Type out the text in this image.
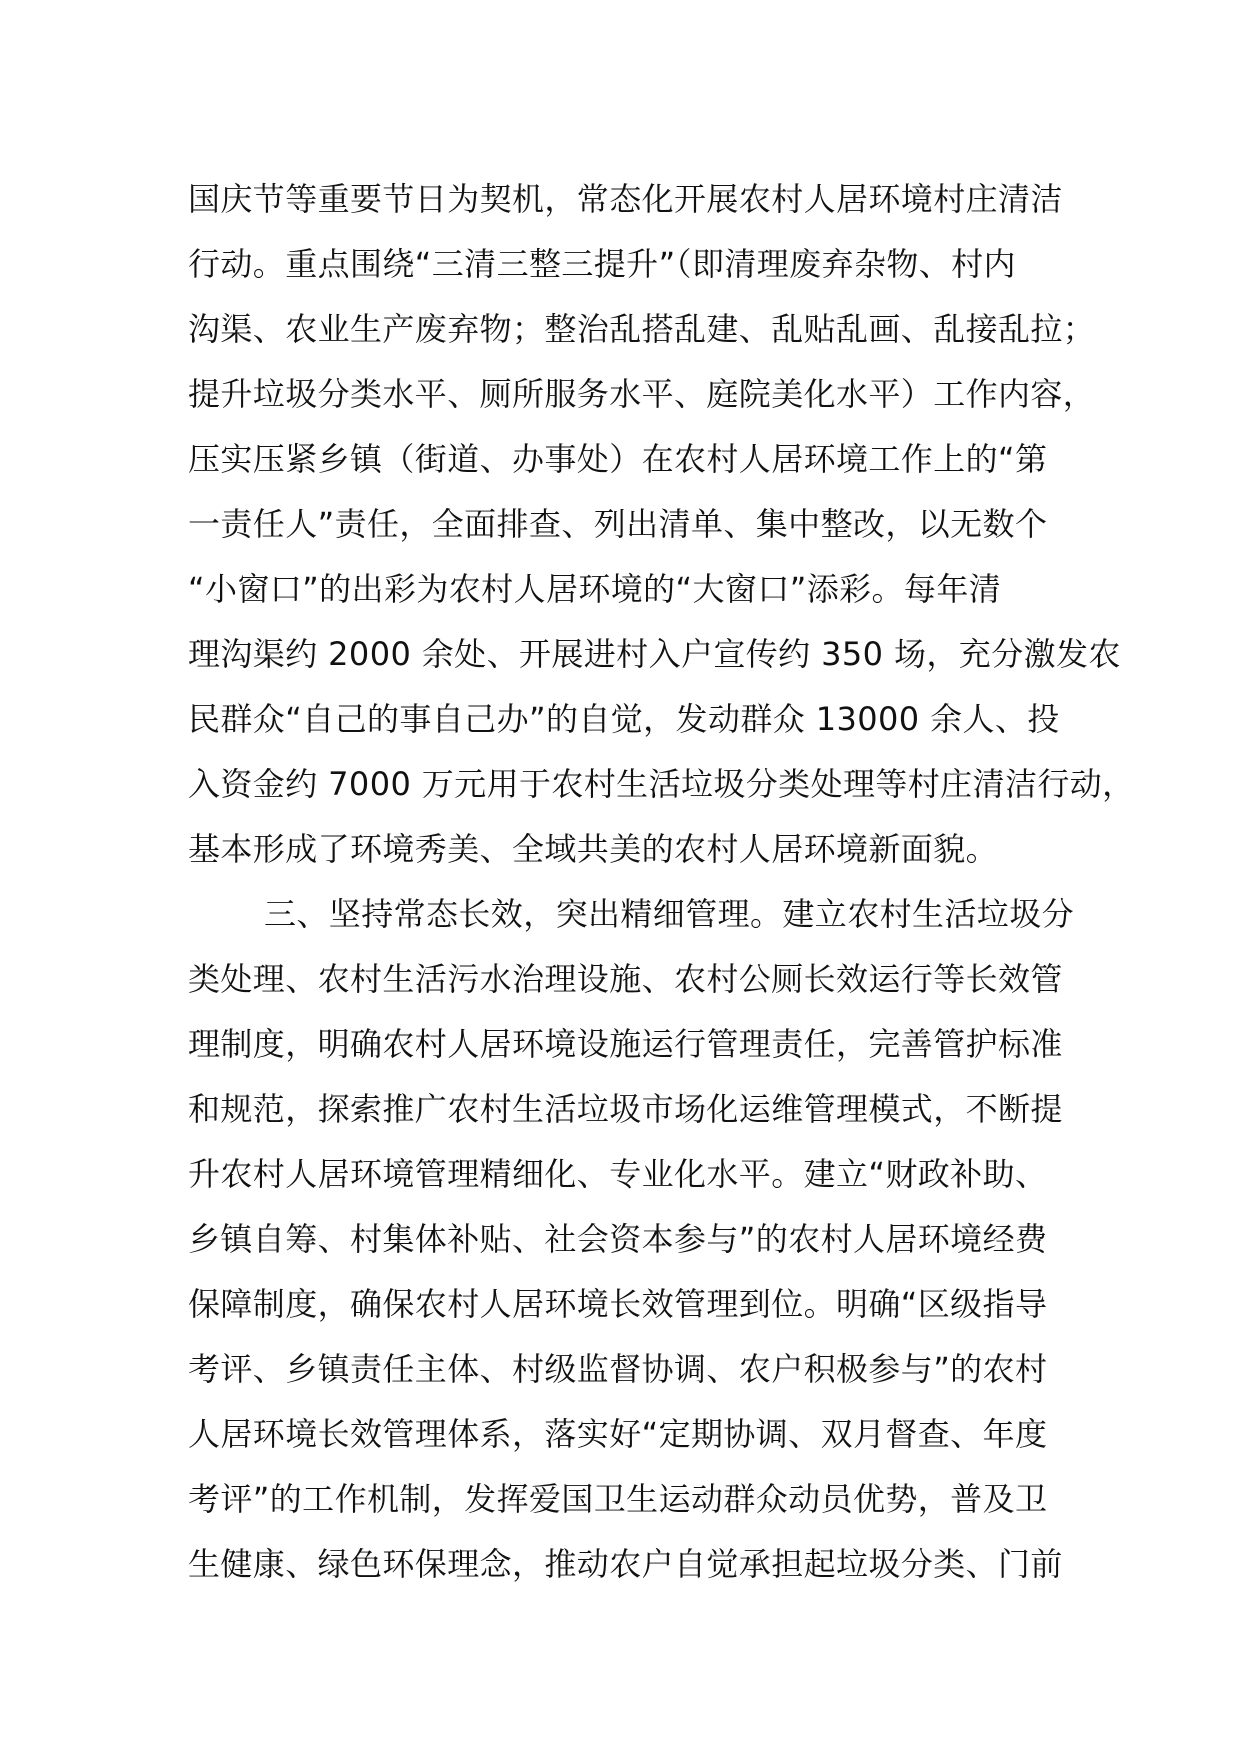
国庆节等重要节日为契机，常态化开展农村人居环境村庄清洁
行动。重点围绕“三清三整三提升”（即清理废弃杂物、村内
沟渠、农业生产废弃物；整治乱搭乱建、乱贴乱画、乱接乱拉；
提升垃圾分类水平、厕所服务水平、庭院美化水平）工作内容，
压实压紧乡镇（街道、办事处）在农村人居环境工作上的“第
一责任人”责任，全面排查、列出清单、集中整改，以无数个
“小窗口”的出彩为农村人居环境的“大窗口”添彩。每年清
理沟渠约 2000 余处、开展进村入户宣传约 350 场，充分激发农
民群众“自己的事自己办”的自觉，发动群众 13000 余人、投
入资金约 7000 万元用于农村生活垃圾分类处理等村庄清洁行动，
基本形成了环境秀美、全域共美的农村人居环境新面貌。
三、坚持常态长效，突出精细管理。建立农村生活垃圾分
类处理、农村生活污水治理设施、农村公厕长效运行等长效管
理制度，明确农村人居环境设施运行管理责任，完善管护标准
和规范，探索推广农村生活垃圾市场化运维管理模式，不断提
升农村人居环境管理精细化、专业化水平。建立“财政补助、
乡镇自筹、村集体补贴、社会资本参与”的农村人居环境经费
保障制度，确保农村人居环境长效管理到位。明确“区级指导
考评、乡镇责任主体、村级监督协调、农户积极参与”的农村
人居环境长效管理体系，落实好“定期协调、双月督查、年度
考评”的工作机制，发挥爱国卫生运动群众动员优势，普及卫
生健康、绿色环保理念，推动农户自觉承担起垃圾分类、门前
